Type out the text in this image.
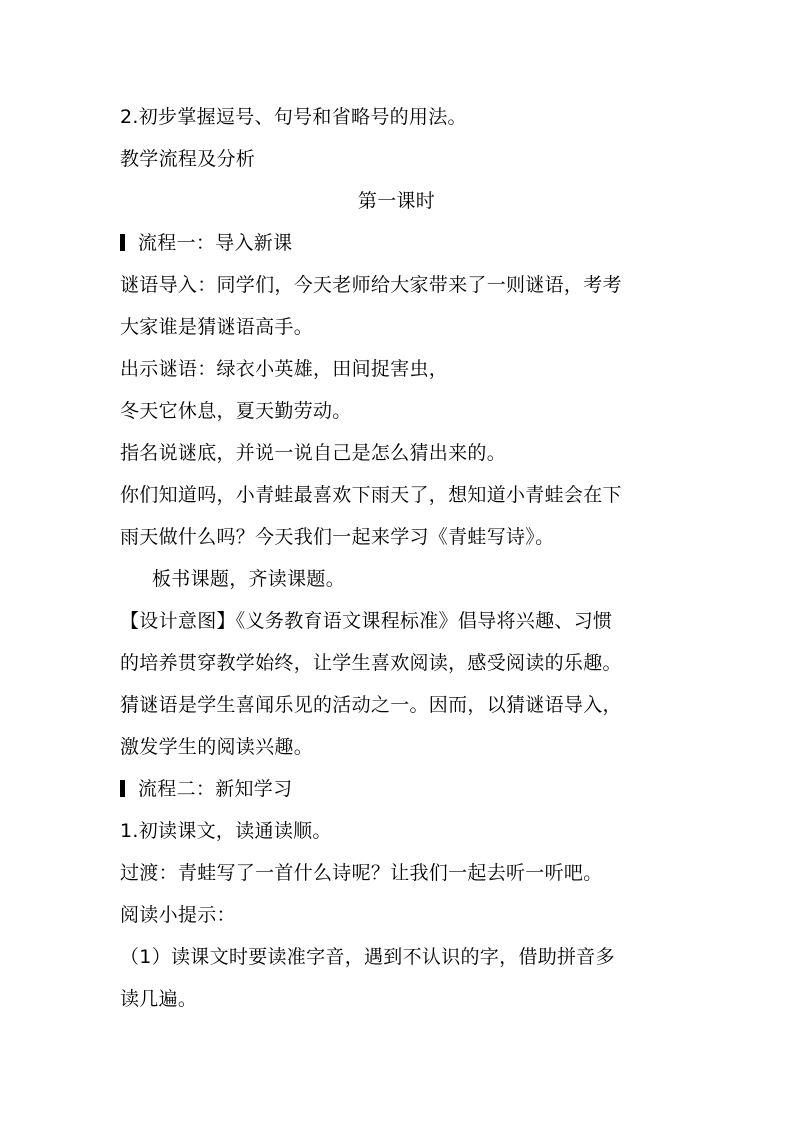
2.初步掌握逗号、句号和省略号的用法。
教学流程及分析
第一课时
流程一：导入新课
谜语导入：同学们，今天老师给大家带来了一则谜语，考考
大家谁是猜谜语高手。
出示谜语：绿衣小英雄，田间捉害虫，
冬天它休息，夏天勤劳动。
指名说谜底，并说一说自己是怎么猜出来的。
你们知道吗，小青蛙最喜欢下雨天了，想知道小青蛙会在下
雨天做什么吗？今天我们一起来学习《青蛙写诗》。
板书课题，齐读课题。
【设计意图】《义务教育语文课程标准》倡导将兴趣、习惯
的培养贯穿教学始终，让学生喜欢阅读，感受阅读的乐趣。
猜谜语是学生喜闻乐见的活动之一。因而，以猜谜语导入，
激发学生的阅读兴趣。
流程二：新知学习
1.初读课文，读通读顺。
过渡：青蛙写了一首什么诗呢？让我们一起去听一听吧。
阅读小提示：
（1）读课文时要读准字音，遇到不认识的字，借助拼音多
读几遍。
